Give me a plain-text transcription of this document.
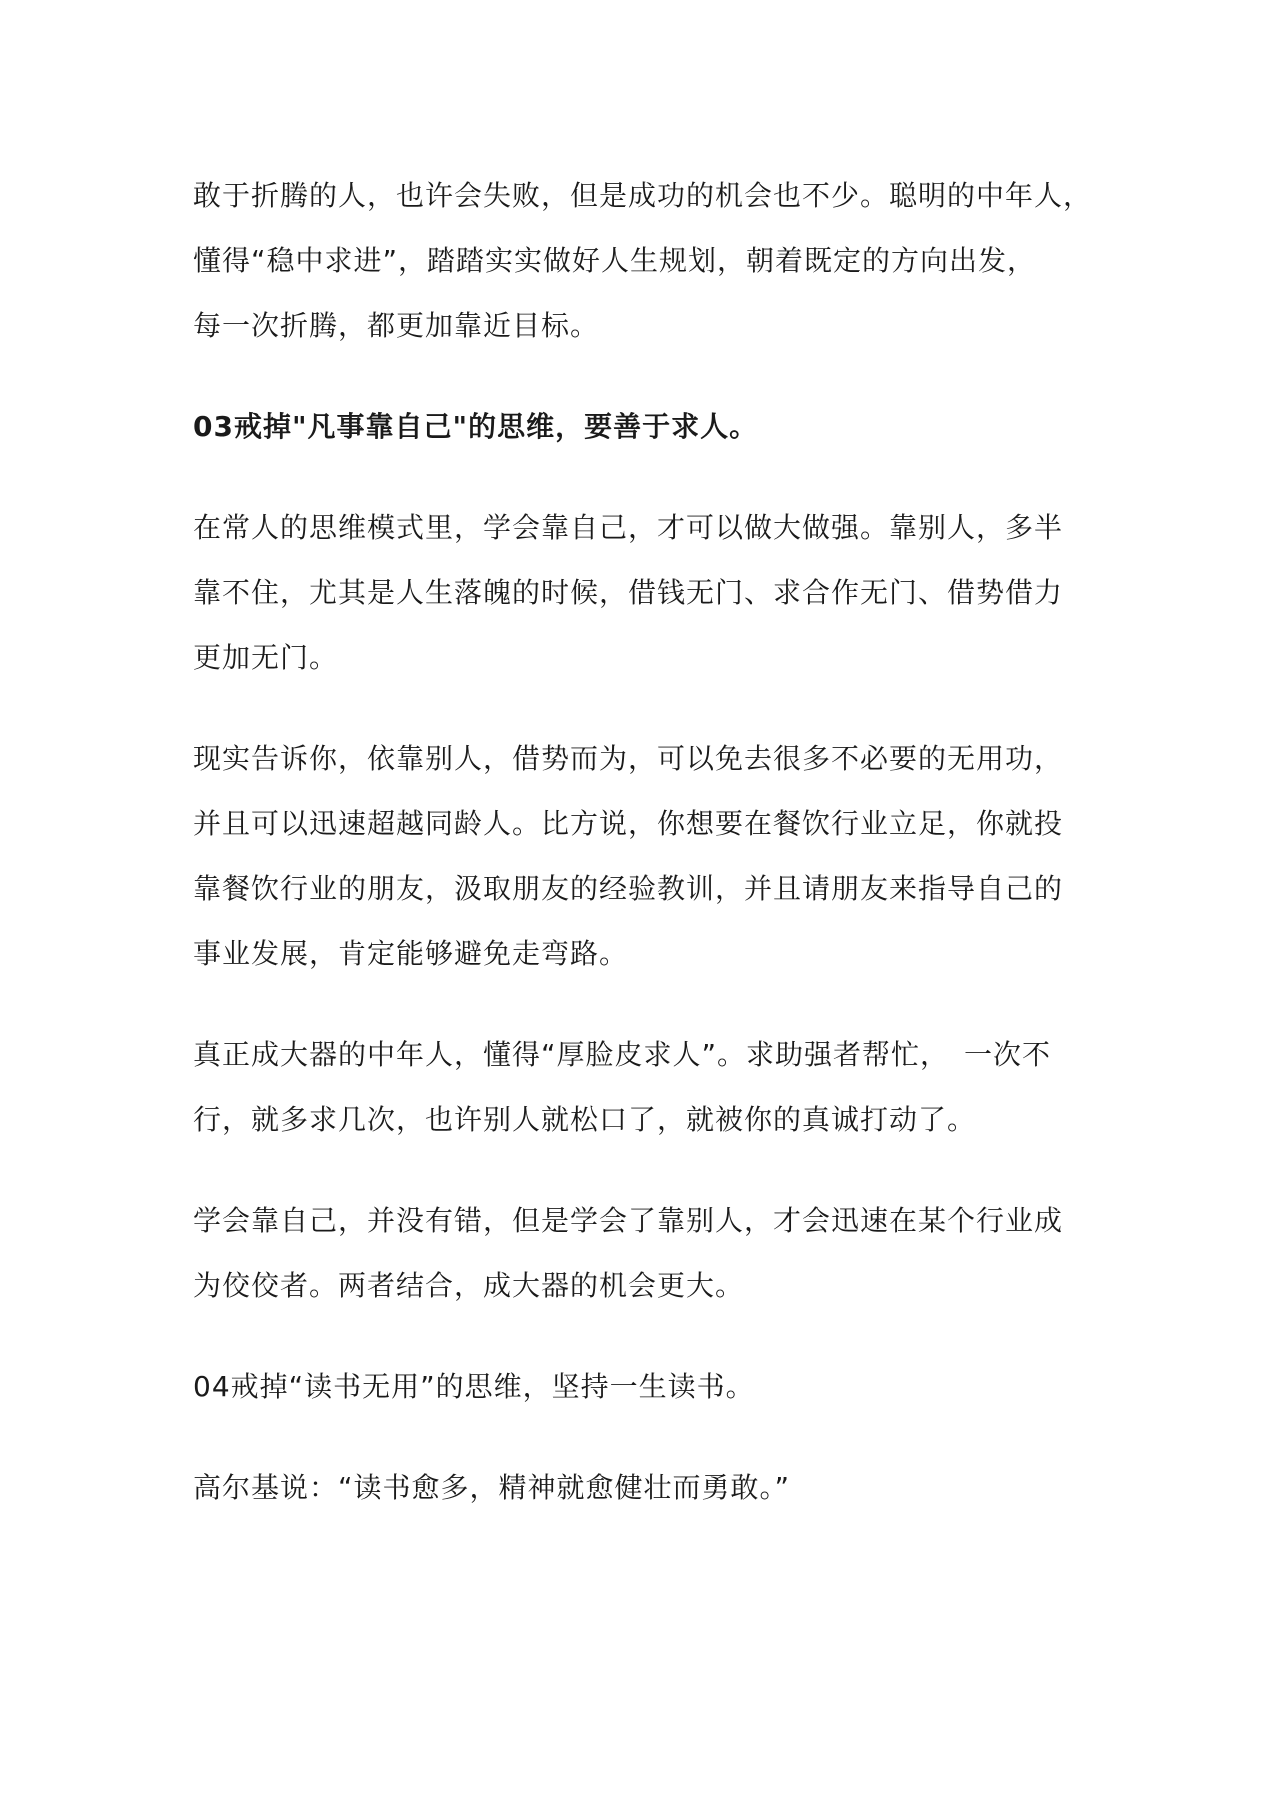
敢于折腾的人，也许会失败，但是成功的机会也不少。聪明的中年人，
懂得“稳中求进”，踏踏实实做好人生规划，朝着既定的方向出发，
每一次折腾，都更加靠近目标。

03戒掉"凡事靠自己"的思维，要善于求人。

在常人的思维模式里，学会靠自己，才可以做大做强。靠别人，多半
靠不住，尤其是人生落魄的时候，借钱无门、求合作无门、借势借力
更加无门。

现实告诉你，依靠别人，借势而为，可以免去很多不必要的无用功，
并且可以迅速超越同龄人。比方说，你想要在餐饮行业立足，你就投
靠餐饮行业的朋友，汲取朋友的经验教训，并且请朋友来指导自己的
事业发展，肯定能够避免走弯路。

真正成大器的中年人，懂得“厚脸皮求人”。求助强者帮忙，　一次不
行，就多求几次，也许别人就松口了，就被你的真诚打动了。

学会靠自己，并没有错，但是学会了靠别人，才会迅速在某个行业成
为佼佼者。两者结合，成大器的机会更大。

04戒掉“读书无用”的思维，坚持一生读书。

高尔基说：“读书愈多，精神就愈健壮而勇敢。”
